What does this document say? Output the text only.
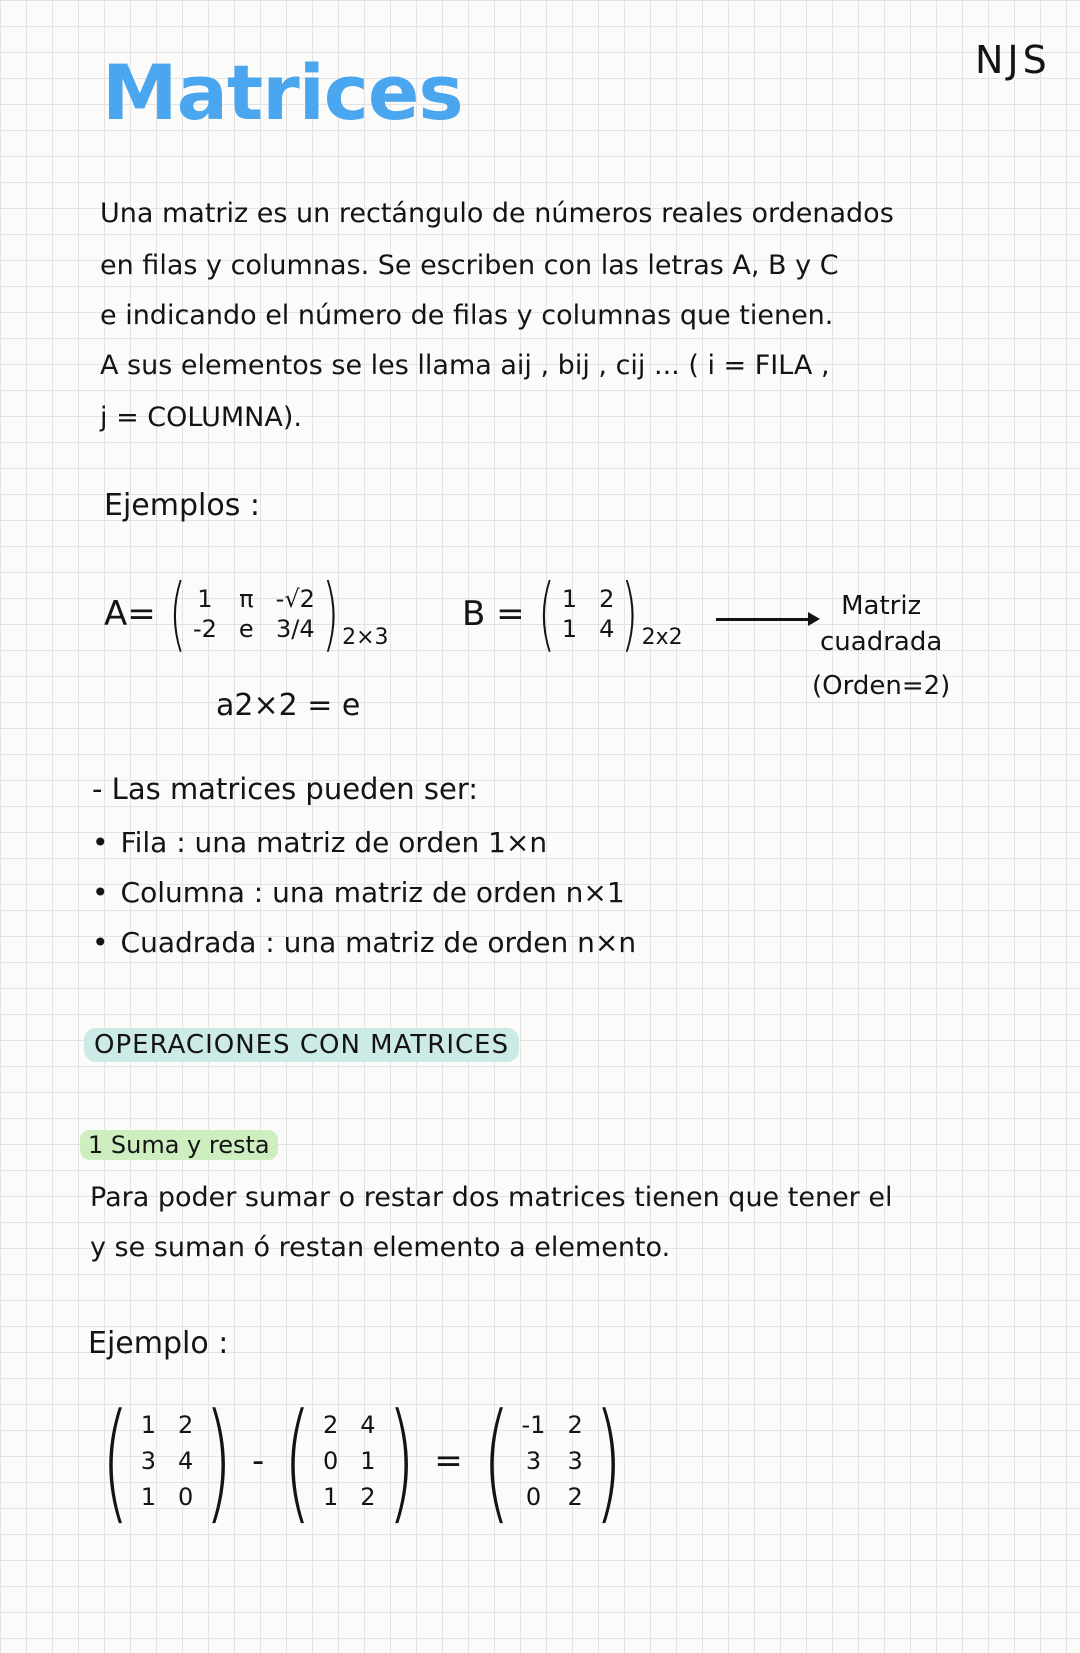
Matrices	NJS
Una matriz es un rectángulo de números reales ordenados
en filas y columnas. Se escriben con las letras A, B y C
e indicando el número de filas y columnas que tienen.
A sus elementos se les llama aij , bij , cij ... ( i = FILA ,
j = COLUMNA).
Ejemplos :
A= ( 1 π -√2
-2 e 3/4 ) 2×3
a2×2 = e
B = ( 1 2
1 4 ) 2x2
Matriz
cuadrada
(Orden=2)
- Las matrices pueden ser:
• Fila : una matriz de orden 1×n
• Columna : una matriz de orden n×1
• Cuadrada : una matriz de orden n×n
OPERACIONES CON MATRICES
1 Suma y resta
Para poder sumar o restar dos matrices tienen que tener el
y se suman ó restan elemento a elemento.
Ejemplo :
( 1 2
3 4
1 0 ) - ( 2 4
0 1
1 2 ) = ( -1 2
3 3
0 2 )
